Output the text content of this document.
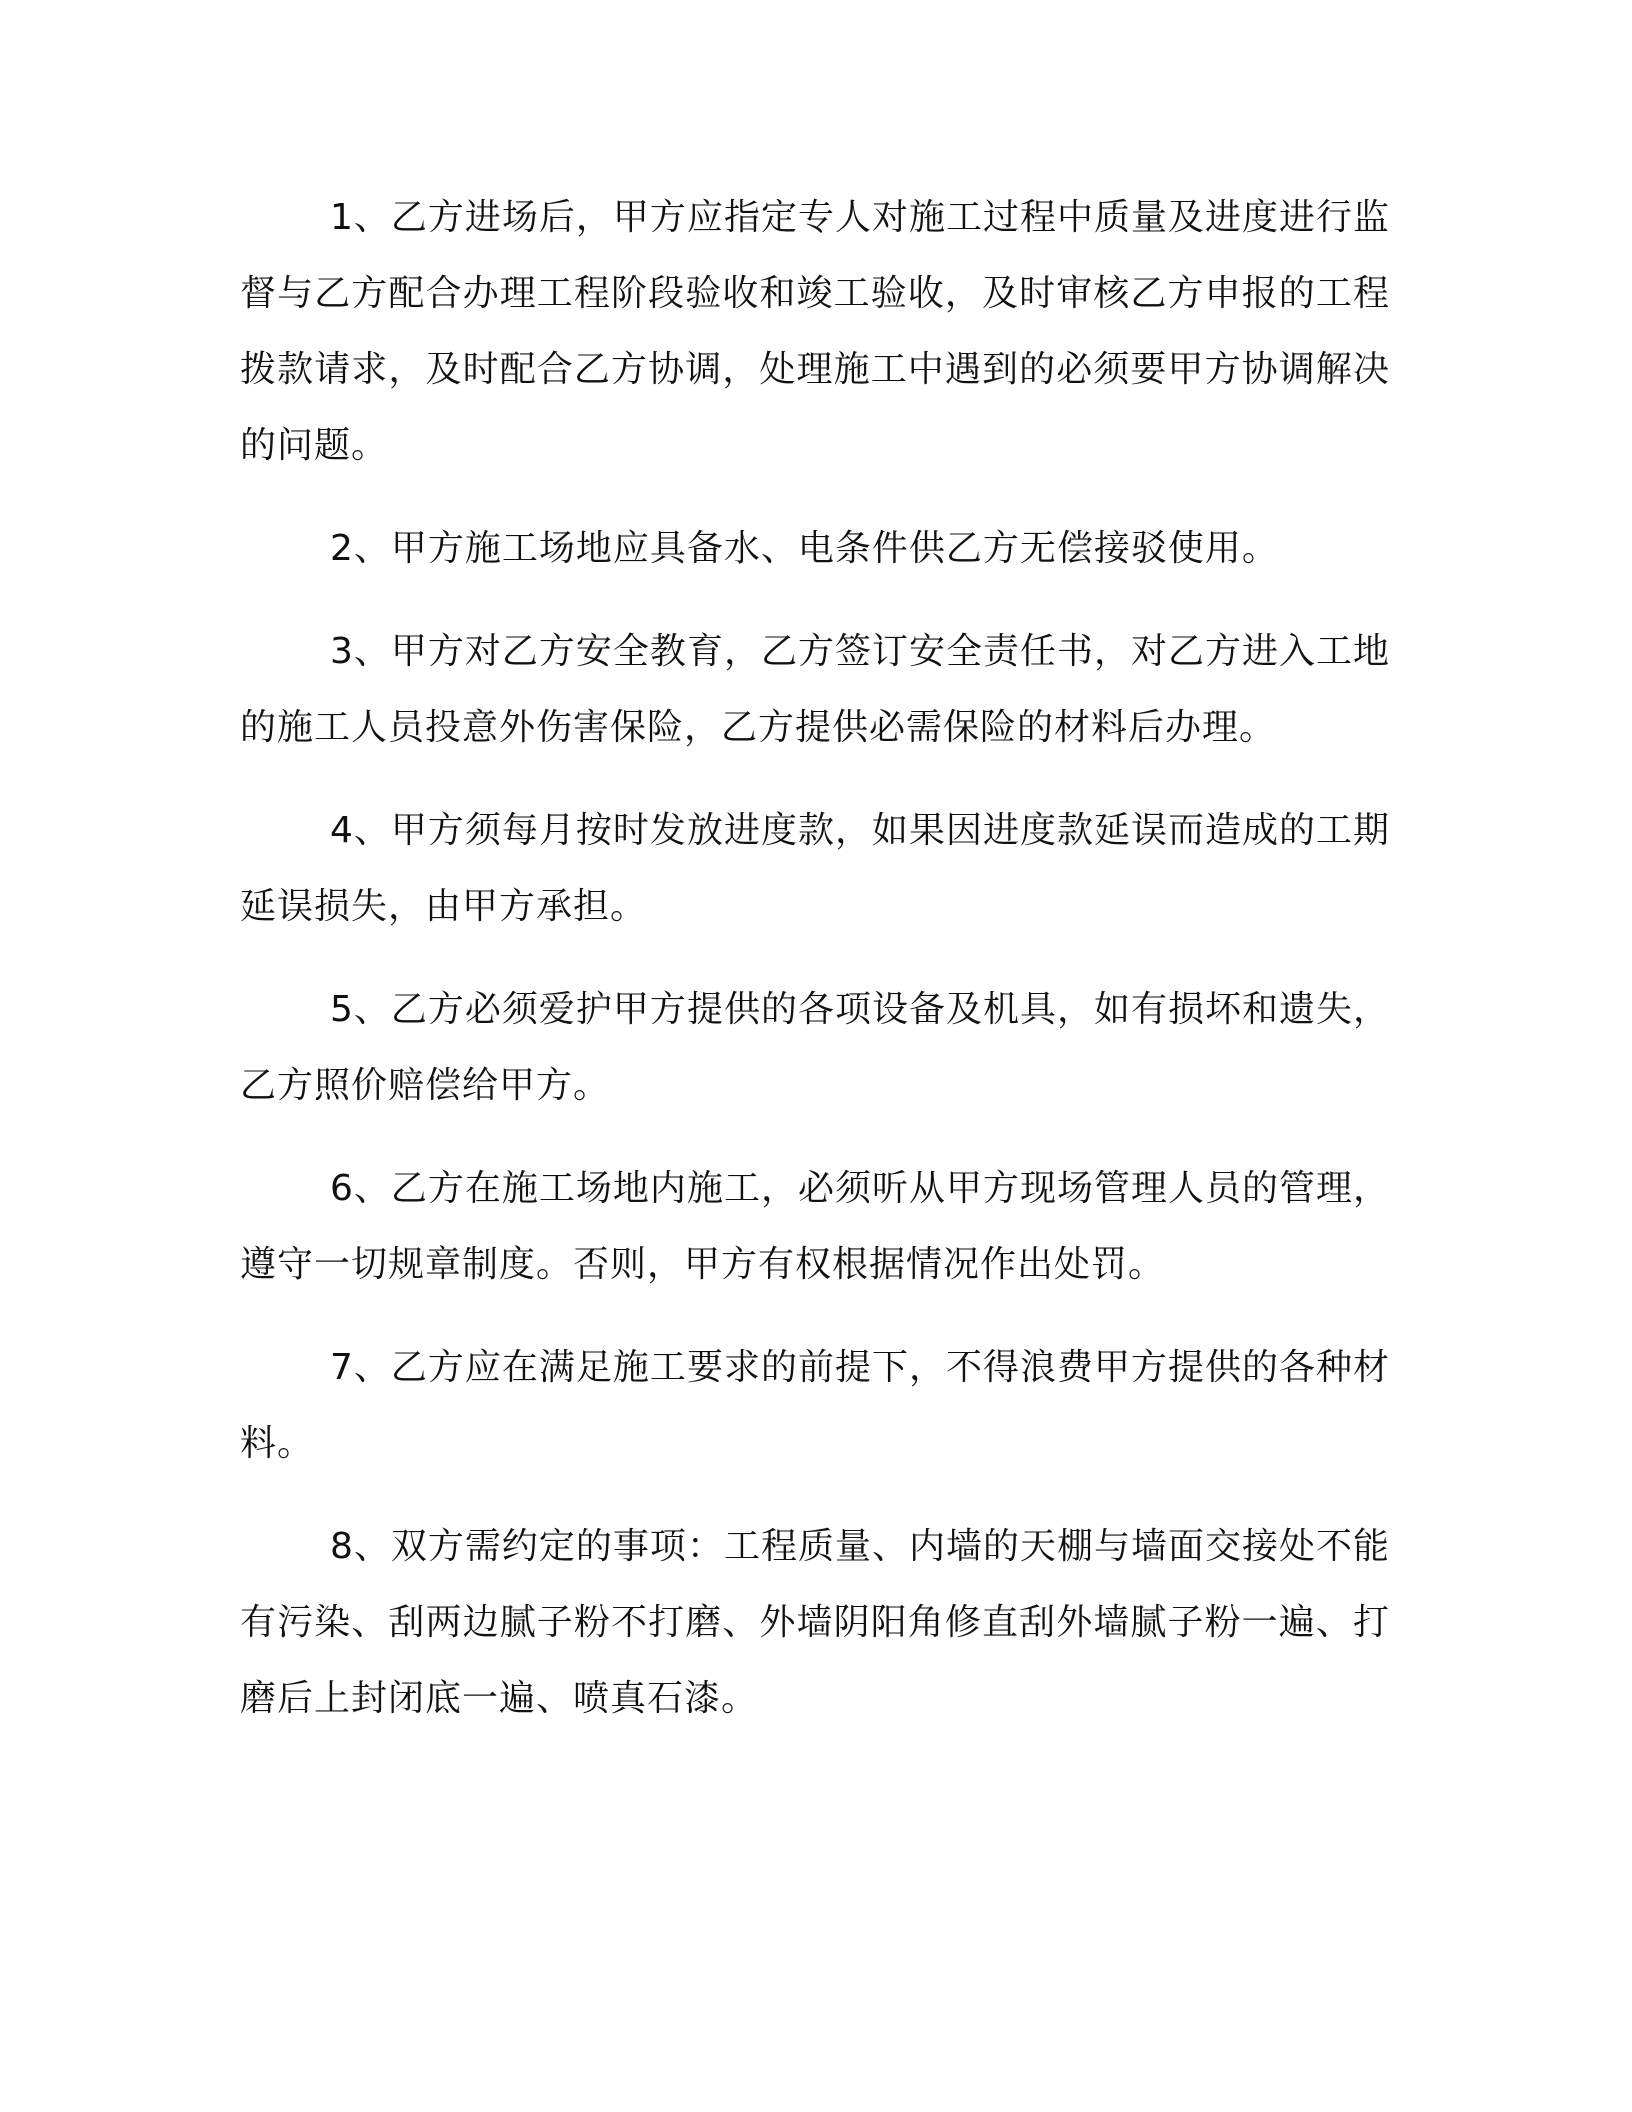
1、乙方进场后，甲方应指定专人对施工过程中质量及进度进行监督与乙方配合办理工程阶段验收和竣工验收，及时审核乙方申报的工程拨款请求，及时配合乙方协调，处理施工中遇到的必须要甲方协调解决的问题。

2、甲方施工场地应具备水、电条件供乙方无偿接驳使用。

3、甲方对乙方安全教育，乙方签订安全责任书，对乙方进入工地的施工人员投意外伤害保险，乙方提供必需保险的材料后办理。

4、甲方须每月按时发放进度款，如果因进度款延误而造成的工期延误损失，由甲方承担。

5、乙方必须爱护甲方提供的各项设备及机具，如有损坏和遗失，乙方照价赔偿给甲方。

6、乙方在施工场地内施工，必须听从甲方现场管理人员的管理，遵守一切规章制度。否则，甲方有权根据情况作出处罚。

7、乙方应在满足施工要求的前提下，不得浪费甲方提供的各种材料。

8、双方需约定的事项：工程质量、内墙的天棚与墙面交接处不能有污染、刮两边腻子粉不打磨、外墙阴阳角修直刮外墙腻子粉一遍、打磨后上封闭底一遍、喷真石漆。
